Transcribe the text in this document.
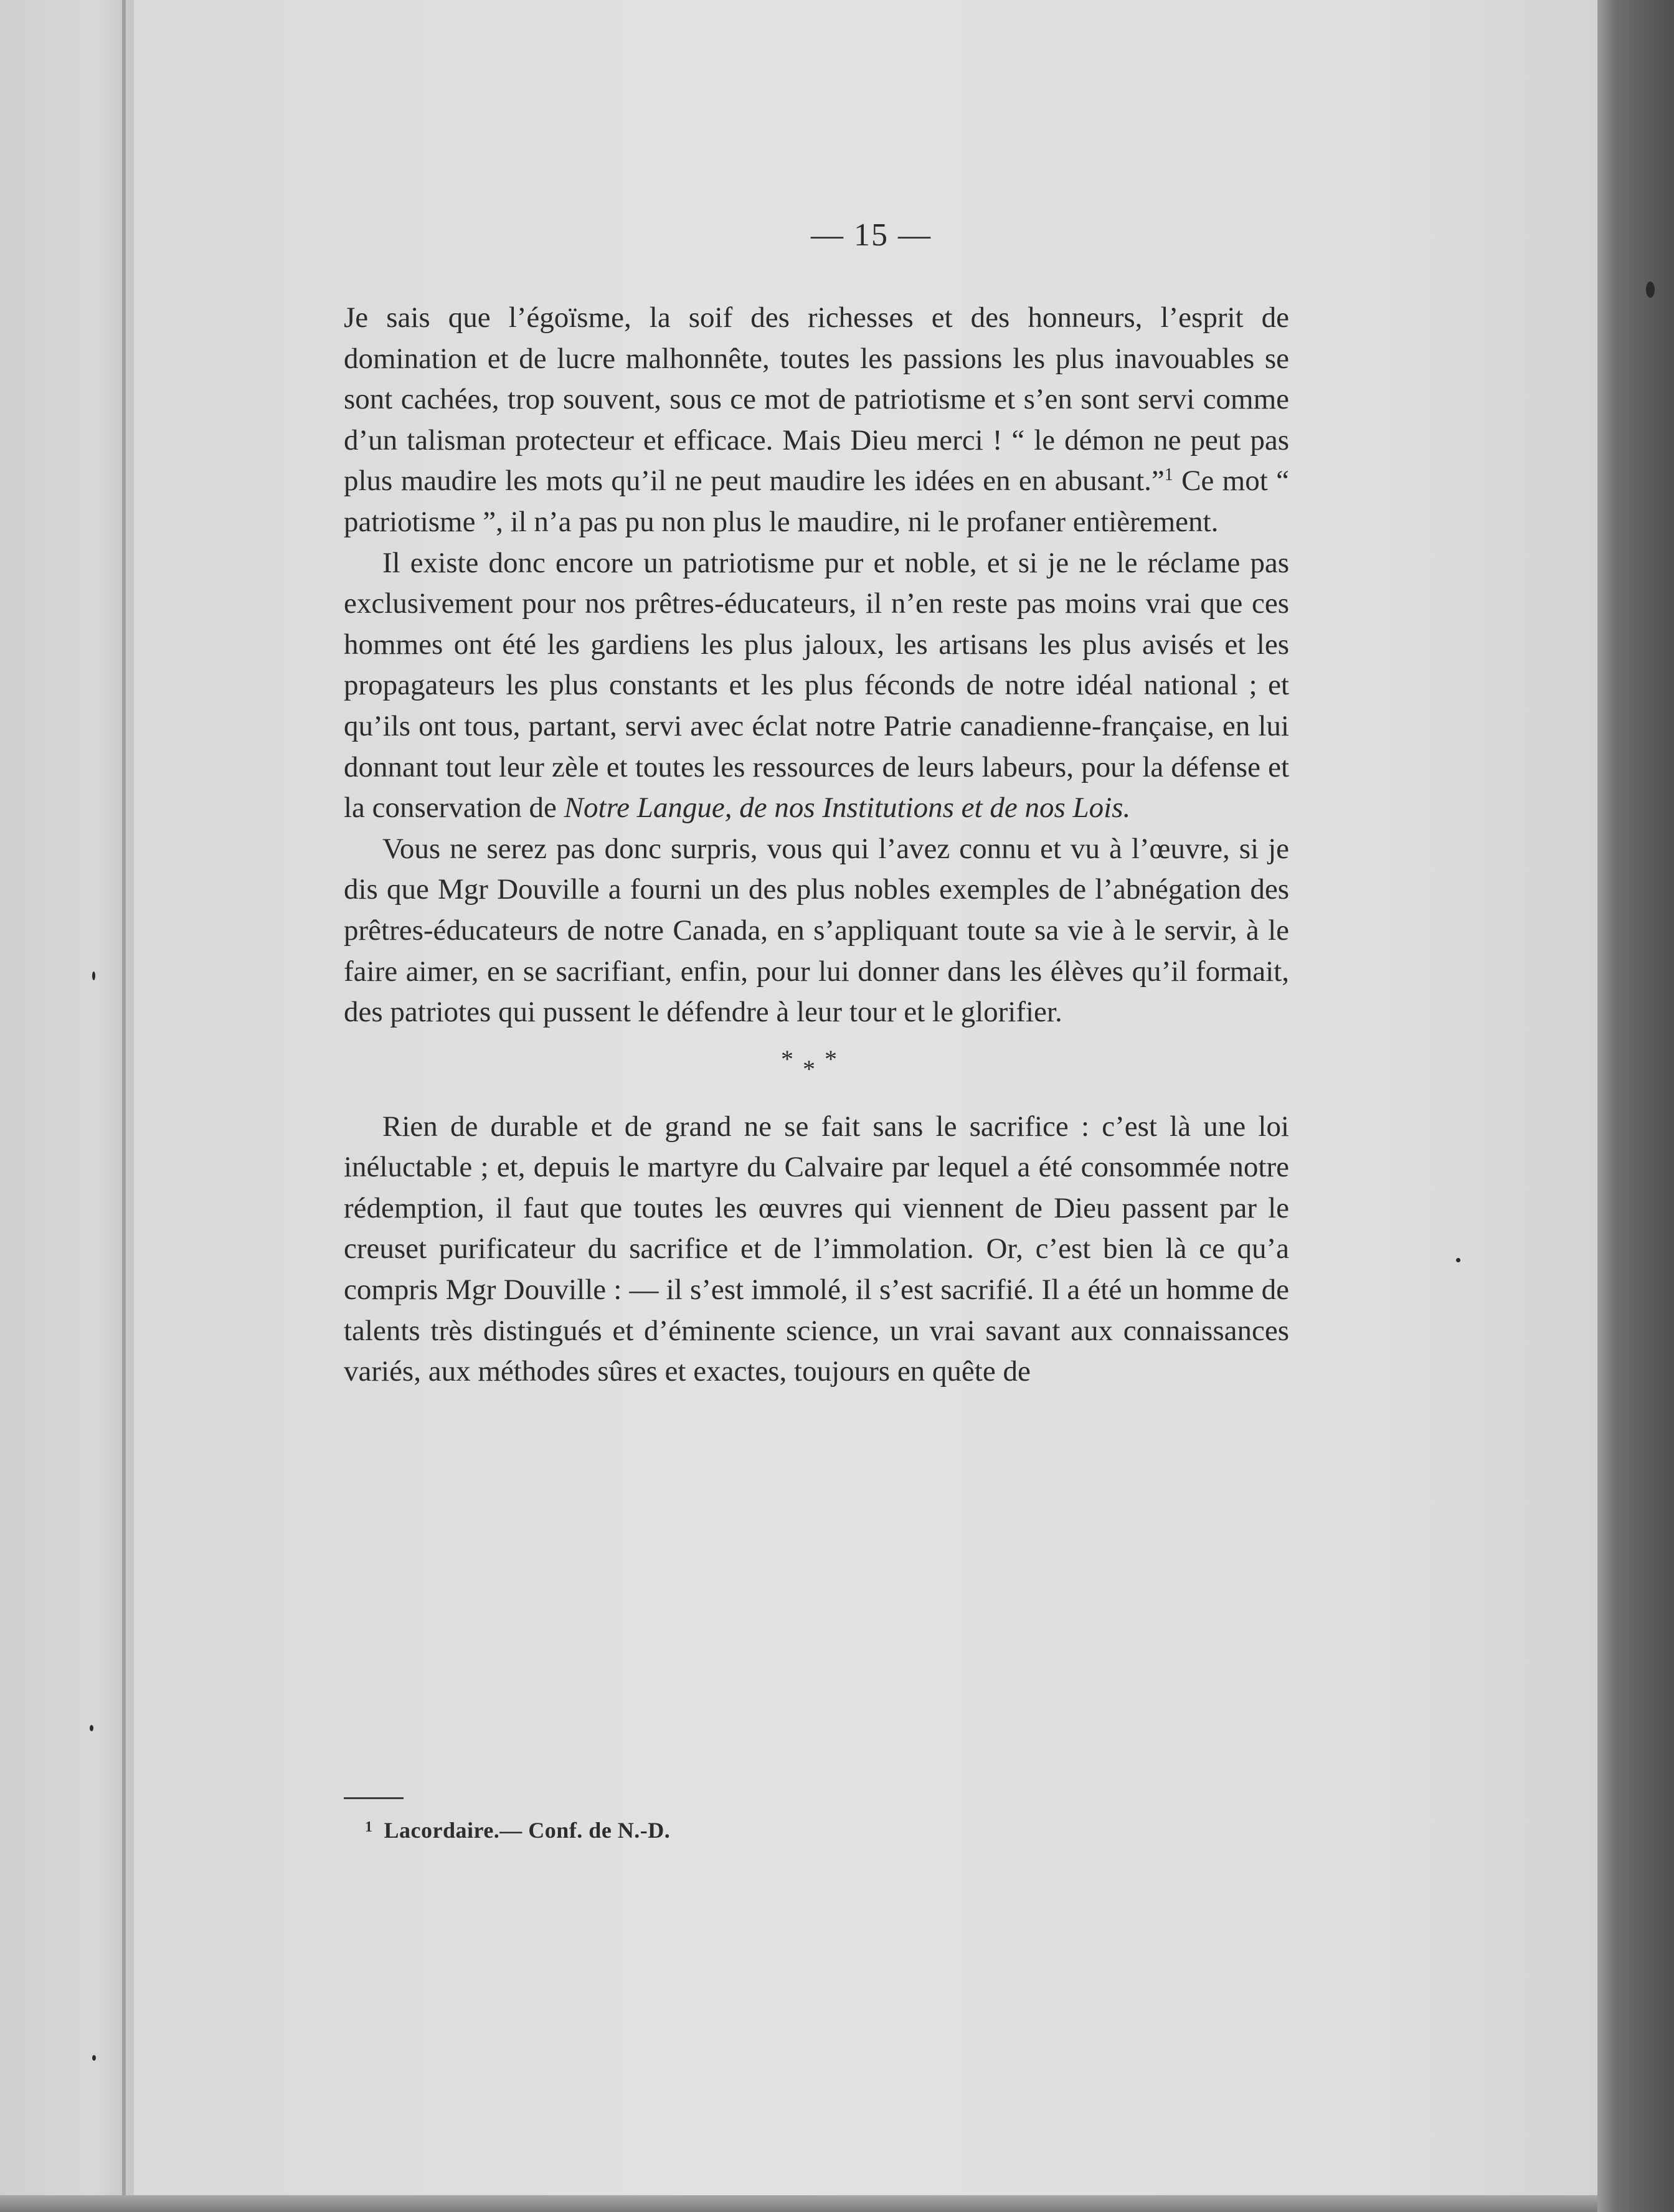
— 15 —

Je sais que l’égoïsme, la soif des richesses et des honneurs, l’esprit de domination et de lucre malhonnête, toutes les passions les plus inavouables se sont cachées, trop souvent, sous ce mot de patriotisme et s’en sont servi comme d’un talisman protecteur et efficace. Mais Dieu merci ! “ le démon ne peut pas plus maudire les mots qu’il ne peut maudire les idées en en abusant.”$^1$ Ce mot “ patriotisme ”, il n’a pas pu non plus le maudire, ni le profaner entièrement.

Il existe donc encore un patriotisme pur et noble, et si je ne le réclame pas exclusivement pour nos prêtres-éducateurs, il n’en reste pas moins vrai que ces hommes ont été les gardiens les plus jaloux, les artisans les plus avisés et les propagateurs les plus constants et les plus féconds de notre idéal national ; et qu’ils ont tous, partant, servi avec éclat notre Patrie canadienne-française, en lui donnant tout leur zèle et toutes les ressources de leurs labeurs, pour la défense et la conservation de Notre Langue, de nos Institutions et de nos Lois.

Vous ne serez pas donc surpris, vous qui l’avez connu et vu à l’œuvre, si je dis que Mgr Douville a fourni un des plus nobles exemples de l’abnégation des prêtres-éducateurs de notre Canada, en s’appliquant toute sa vie à le servir, à le faire aimer, en se sacrifiant, enfin, pour lui donner dans les élèves qu’il formait, des patriotes qui pussent le défendre à leur tour et le glorifier.

* * *

Rien de durable et de grand ne se fait sans le sacrifice : c’est là une loi inéluctable ; et, depuis le martyre du Calvaire par lequel a été consommée notre rédemption, il faut que toutes les œuvres qui viennent de Dieu passent par le creuset purificateur du sacrifice et de l’immolation. Or, c’est bien là ce qu’a compris Mgr Douville : — il s’est immolé, il s’est sacrifié. Il a été un homme de talents très distingués et d’éminente science, un vrai savant aux connaissances variés, aux méthodes sûres et exactes, toujours en quête de

$^1$ Lacordaire.— Conf. de N.-D.
